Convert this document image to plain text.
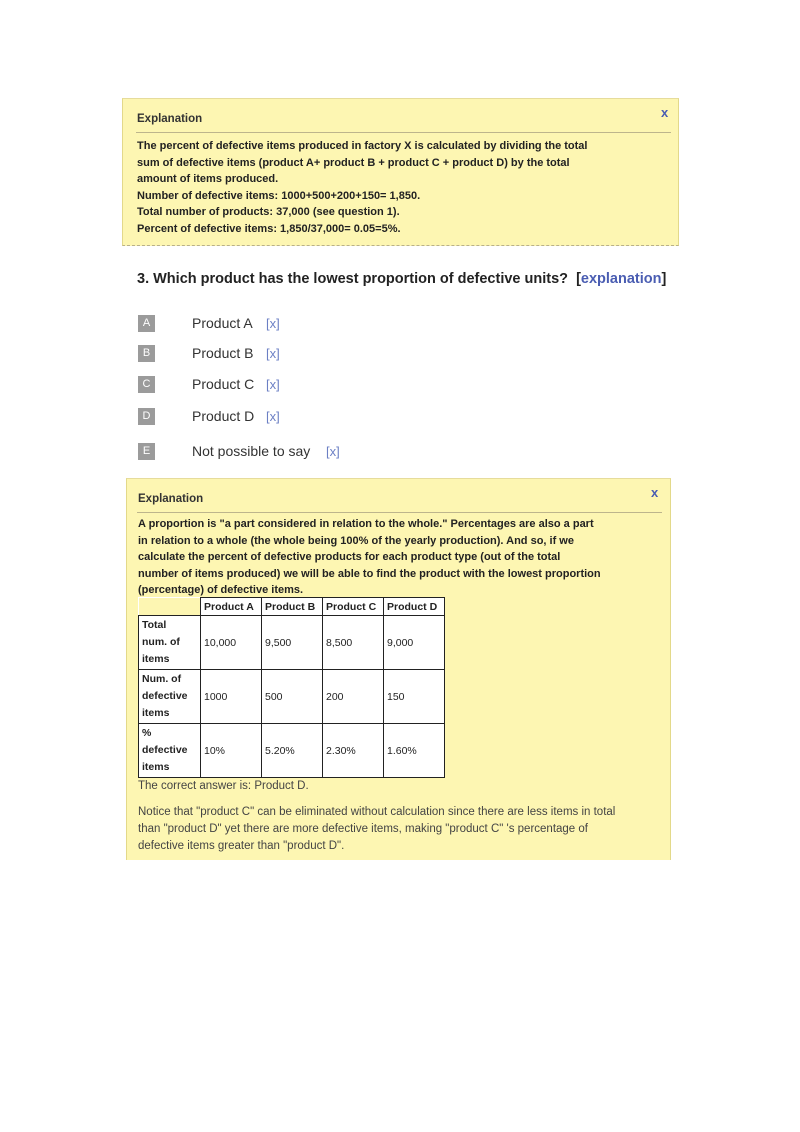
Explanation	x
The percent of defective items produced in factory X is calculated by dividing the total
sum of defective items (product A+ product B + product C + product D) by the total
amount of items produced.
Number of defective items: 1000+500+200+150= 1,850.
Total number of products: 37,000 (see question 1).
Percent of defective items: 1,850/37,000= 0.05=5%.
3. Which product has the lowest proportion of defective units? [explanation]
A	Product A [x]
B	Product B [x]
C	Product C [x]
D	Product D [x]
E	Not possible to say [x]
Explanation	x
A proportion is "a part considered in relation to the whole." Percentages are also a part
in relation to a whole (the whole being 100% of the yearly production). And so, if we
calculate the percent of defective products for each product type (out of the total
number of items produced) we will be able to find the product with the lowest proportion
(percentage) of defective items.
	Product A	Product B	Product C	Product D

Total
num. of
items	10,000	9,500	8,500	9,000

Num. of
defective
items	1000	500	200	150

%
defective
items	10%	5.20%	2.30%	1.60%
The correct answer is: Product D.
Notice that "product C" can be eliminated without calculation since there are less items in total
than "product D" yet there are more defective items, making "product C" 's percentage of
defective items greater than "product D".
